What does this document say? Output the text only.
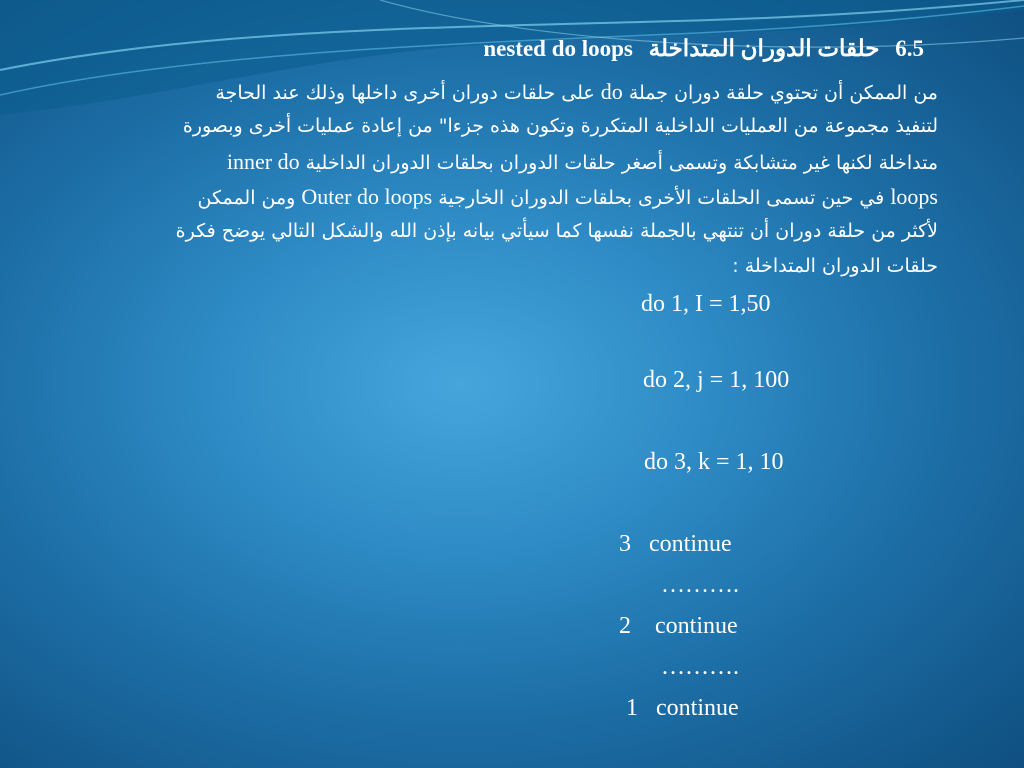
6.5 حلقات الدوران المتداخلة nested do loops
من الممكن أن تحتوي حلقة دوران جملة do على حلقات دوران أخرى داخلها وذلك عند الحاجة
لتنفيذ مجموعة من العمليات الداخلية المتكررة وتكون هذه جزءا" من إعادة عمليات أخرى وبصورة
متداخلة لكنها غير متشابكة وتسمى أصغر حلقات الدوران بحلقات الدوران الداخلية inner do
loops في حين تسمى الحلقات الأخرى بحلقات الدوران الخارجية Outer do loops ومن الممكن
لأكثر من حلقة دوران أن تنتهي بالجملة نفسها كما سيأتي بيانه بإذن الله والشكل التالي يوضح فكرة
حلقات الدوران المتداخلة :
do 1, I = 1,50
do 2, j = 1, 100
do 3, k = 1, 10
3   continue
……….
2    continue
……….
1   continue
